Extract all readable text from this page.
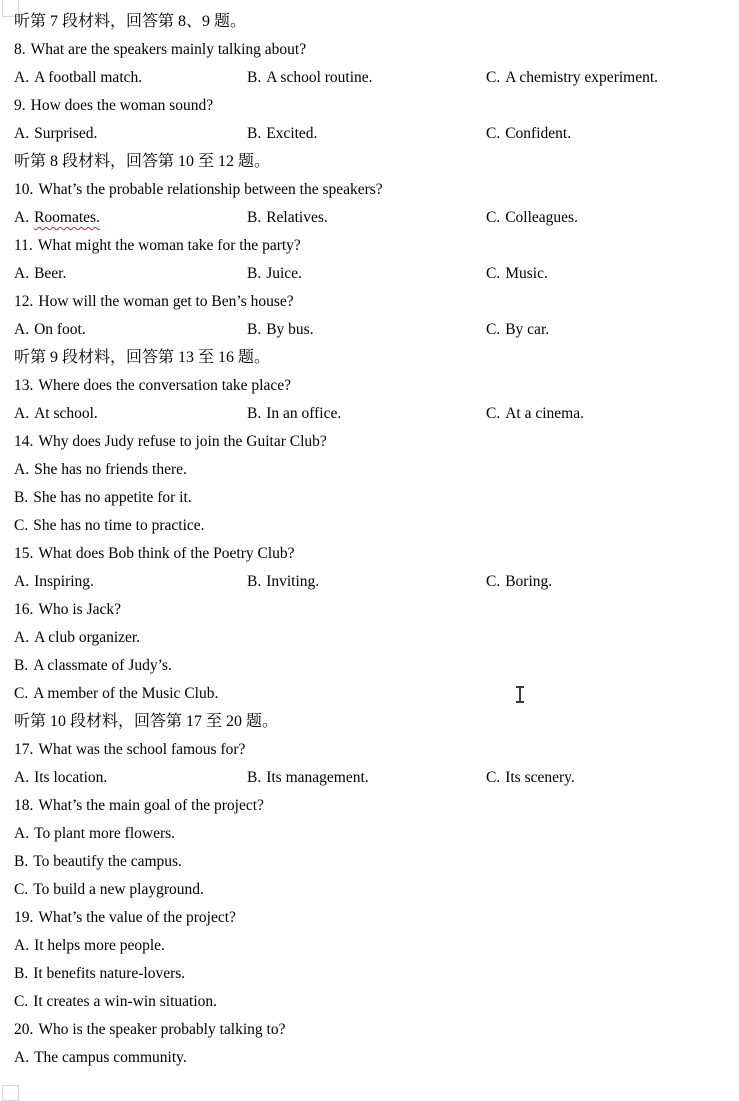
听第 7 段材料，回答第 8、9 题。
8. What are the speakers mainly talking about?
A. A football match.	B. A school routine.	C. A chemistry experiment.
9. How does the woman sound?
A. Surprised.	B. Excited.	C. Confident.
听第 8 段材料，回答第 10 至 12 题。
10. What’s the probable relationship between the speakers?
A. Roomates.	B. Relatives.	C. Colleagues.
11. What might the woman take for the party?
A. Beer.	B. Juice.	C. Music.
12. How will the woman get to Ben’s house?
A. On foot.	B. By bus.	C. By car.
听第 9 段材料，回答第 13 至 16 题。
13. Where does the conversation take place?
A. At school.	B. In an office.	C. At a cinema.
14. Why does Judy refuse to join the Guitar Club?
A. She has no friends there.
B. She has no appetite for it.
C. She has no time to practice.
15. What does Bob think of the Poetry Club?
A. Inspiring.	B. Inviting.	C. Boring.
16. Who is Jack?
A. A club organizer.
B. A classmate of Judy’s.
C. A member of the Music Club.
听第 10 段材料，回答第 17 至 20 题。
17. What was the school famous for?
A. Its location.	B. Its management.	C. Its scenery.
18. What’s the main goal of the project?
A. To plant more flowers.
B. To beautify the campus.
C. To build a new playground.
19. What’s the value of the project?
A. It helps more people.
B. It benefits nature-lovers.
C. It creates a win-win situation.
20. Who is the speaker probably talking to?
A. The campus community.
